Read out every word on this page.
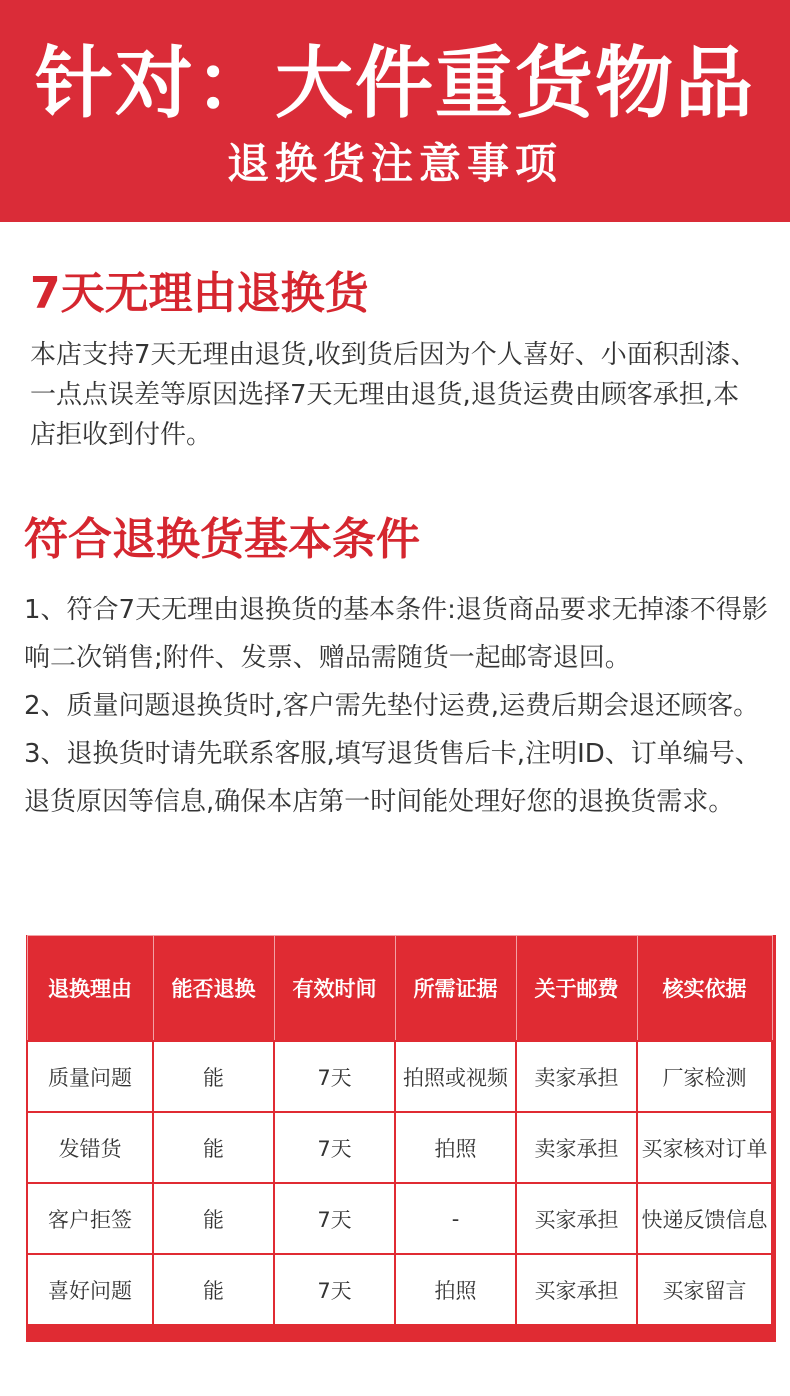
针对：大件重货物品
退换货注意事项
7天无理由退换货
本店支持7天无理由退货,收到货后因为个人喜好、小面积刮漆、一点点误差等原因选择7天无理由退货,退货运费由顾客承担,本店拒收到付件。
符合退换货基本条件

1、符合7天无理由退换货的基本条件:退货商品要求无掉漆不得影响二次销售;附件、发票、赠品需随货一起邮寄退回。

2、质量问题退换货时,客户需先垫付运费,运费后期会退还顾客。

3、退换货时请先联系客服,填写退货售后卡,注明ID、订单编号、退货原因等信息,确保本店第一时间能处理好您的退换货需求。

退换理由	能否退换	有效时间	所需证据	关于邮费	核实依据
质量问题	能	7天	拍照或视频	卖家承担	厂家检测
发错货	能	7天	拍照	卖家承担	买家核对订单
客户拒签	能	7天	-	买家承担	快递反馈信息
喜好问题	能	7天	拍照	买家承担	买家留言
